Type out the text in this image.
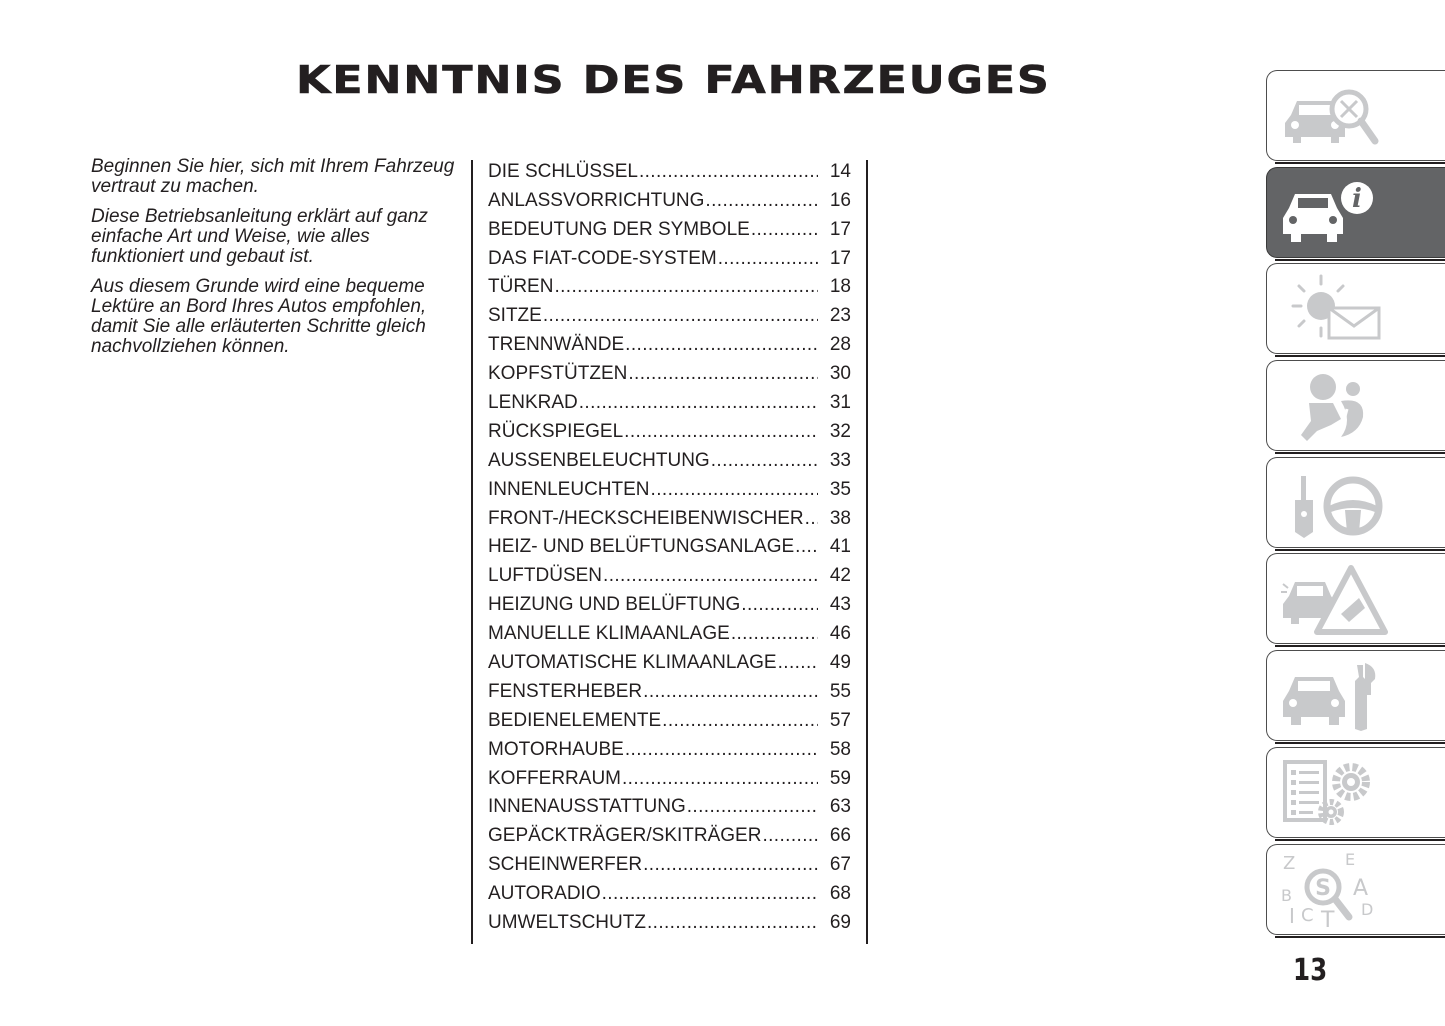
KENNTNIS DES FAHRZEUGES

Beginnen Sie hier, sich mit Ihrem Fahrzeug vertraut zu machen.

Diese Betriebsanleitung erklärt auf ganz einfache Art und Weise, wie alles funktioniert und gebaut ist.

Aus diesem Grunde wird eine bequeme Lektüre an Bord Ihres Autos empfohlen, damit Sie alle erläuterten Schritte gleich nachvollziehen können.

DIE SCHLÜSSEL .....	14
ANLASSVORRICHTUNG .....	16
BEDEUTUNG DER SYMBOLE .....	17
DAS FIAT-CODE-SYSTEM .....	17
TÜREN .....	18
SITZE .....	23
TRENNWÄNDE .....	28
KOPFSTÜTZEN .....	30
LENKRAD .....	31
RÜCKSPIEGEL .....	32
AUSSENBELEUCHTUNG .....	33
INNENLEUCHTEN .....	35
FRONT-/HECKSCHEIBENWISCHER .....	38
HEIZ- UND BELÜFTUNGSANLAGE .....	41
LUFTDÜSEN .....	42
HEIZUNG UND BELÜFTUNG .....	43
MANUELLE KLIMAANLAGE .....	46
AUTOMATISCHE KLIMAANLAGE .....	49
FENSTERHEBER .....	55
BEDIENELEMENTE .....	57
MOTORHAUBE .....	58
KOFFERRAUM .....	59
INNENAUSSTATTUNG .....	63
GEPÄCKTRÄGER/SKITRÄGER .....	66
SCHEINWERFER .....	67
AUTORADIO .....	68
UMWELTSCHUTZ .....	69
i
Z	E
B	A
I C T D
S

13
